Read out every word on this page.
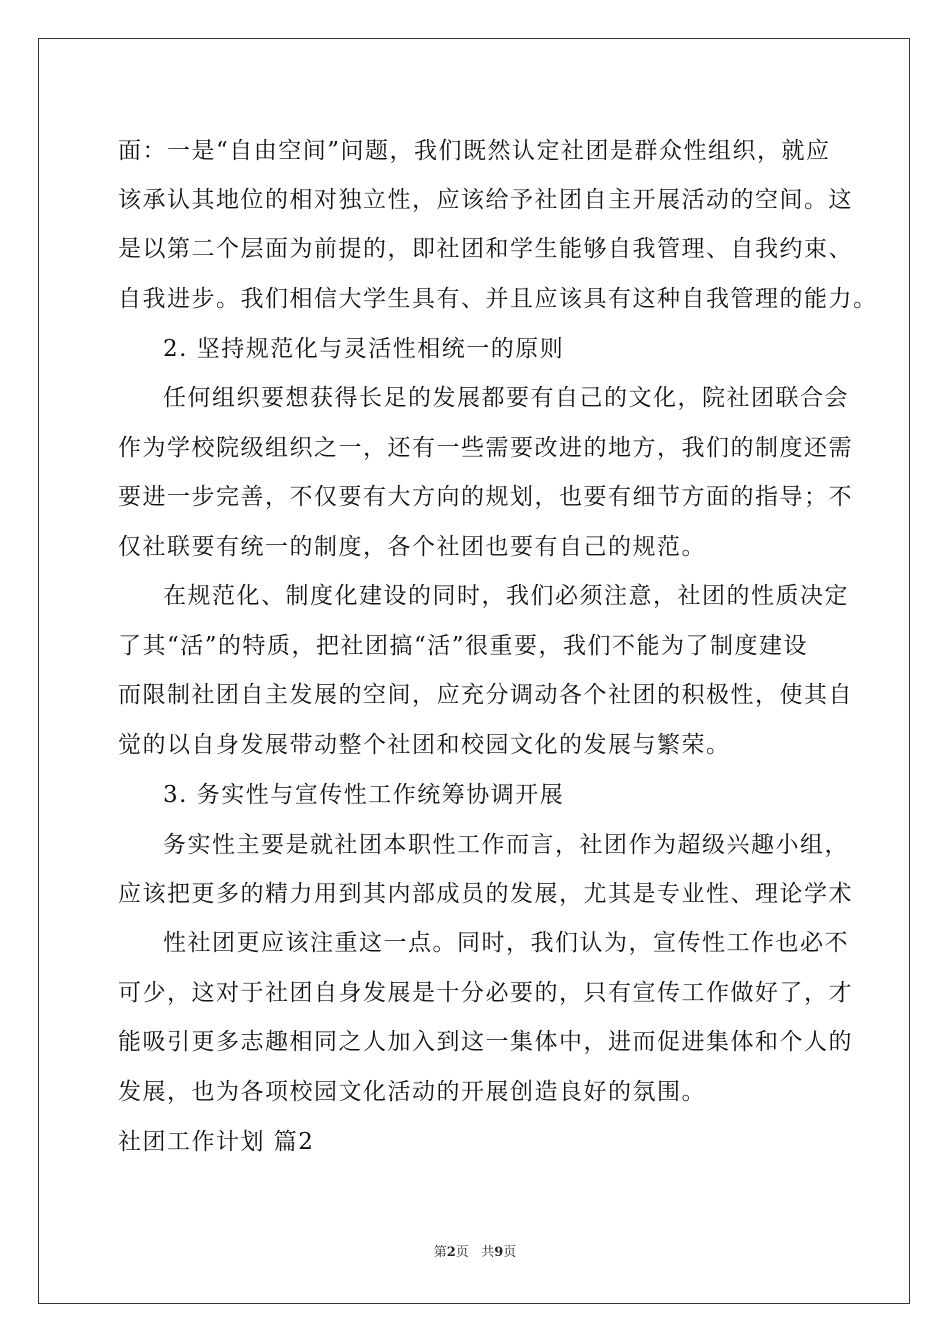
面：一是“自由空间”问题，我们既然认定社团是群众性组织，就应
该承认其地位的相对独立性，应该给予社团自主开展活动的空间。这
是以第二个层面为前提的，即社团和学生能够自我管理、自我约束、
自我进步。我们相信大学生具有、并且应该具有这种自我管理的能力。
2. 坚持规范化与灵活性相统一的原则
任何组织要想获得长足的发展都要有自己的文化，院社团联合会
作为学校院级组织之一，还有一些需要改进的地方，我们的制度还需
要进一步完善，不仅要有大方向的规划，也要有细节方面的指导；不
仅社联要有统一的制度，各个社团也要有自己的规范。
在规范化、制度化建设的同时，我们必须注意，社团的性质决定
了其“活”的特质，把社团搞“活”很重要，我们不能为了制度建设
而限制社团自主发展的空间，应充分调动各个社团的积极性，使其自
觉的以自身发展带动整个社团和校园文化的发展与繁荣。
3. 务实性与宣传性工作统筹协调开展
务实性主要是就社团本职性工作而言，社团作为超级兴趣小组，
应该把更多的精力用到其内部成员的发展，尤其是专业性、理论学术
性社团更应该注重这一点。同时，我们认为，宣传性工作也必不
可少，这对于社团自身发展是十分必要的，只有宣传工作做好了，才
能吸引更多志趣相同之人加入到这一集体中，进而促进集体和个人的
发展，也为各项校园文化活动的开展创造良好的氛围。
社团工作计划 篇2
第2页 共9页
